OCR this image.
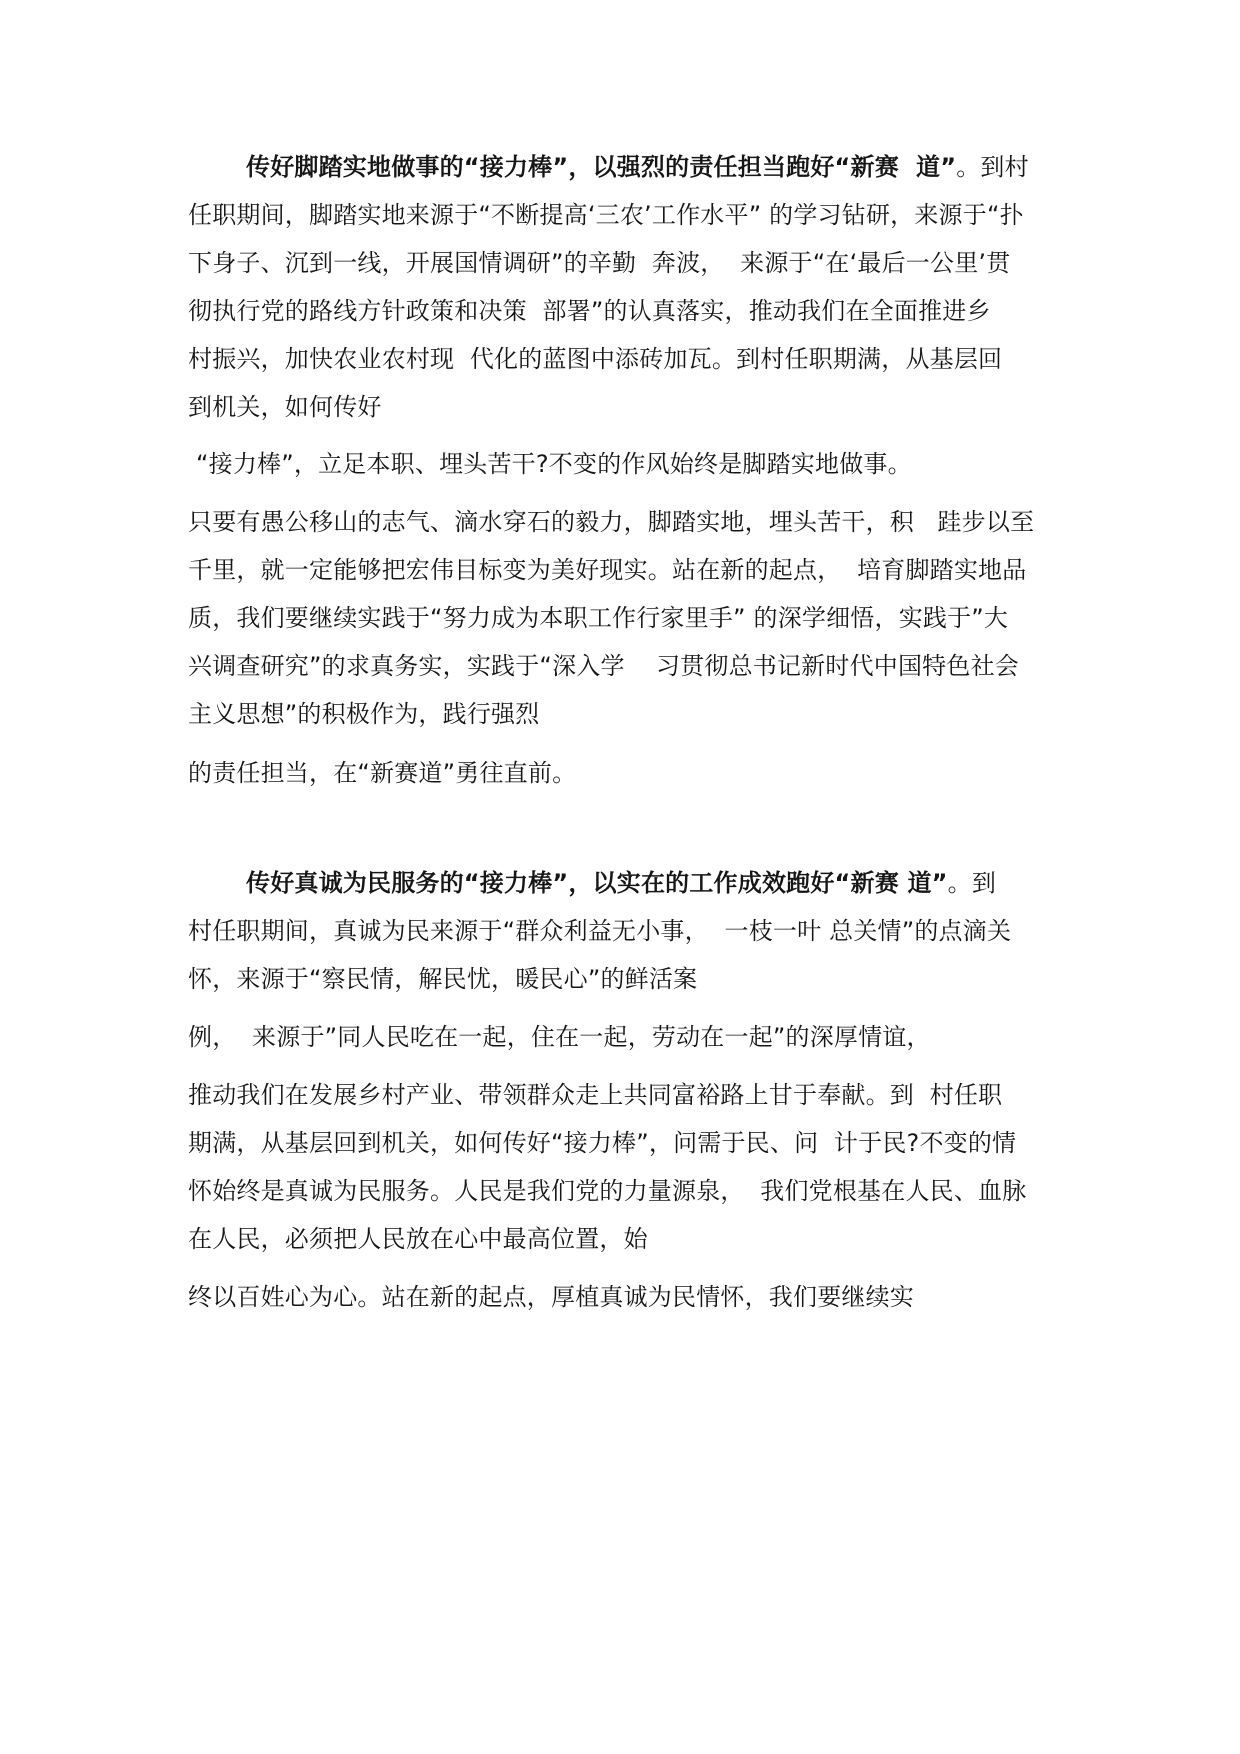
传好脚踏实地做事的“接力棒”，以强烈的责任担当跑好“新赛  道”。到村
任职期间，脚踏实地来源于“不断提高‘三农’工作水平” 的学习钻研，来源于“扑
下身子、沉到一线，开展国情调研”的辛勤  奔波，  来源于“在‘最后一公里’贯
彻执行党的路线方针政策和决策  部署”的认真落实，推动我们在全面推进乡
村振兴，加快农业农村现  代化的蓝图中添砖加瓦。到村任职期满，从基层回
到机关，如何传好
“接力棒”，立足本职、埋头苦干?不变的作风始终是脚踏实地做事。
只要有愚公移山的志气、滴水穿石的毅力，脚踏实地，埋头苦干，积   跬步以至
千里，就一定能够把宏伟目标变为美好现实。站在新的起点，  培育脚踏实地品
质，我们要继续实践于“努力成为本职工作行家里手” 的深学细悟，实践于”大
兴调查研究”的求真务实，实践于“深入学    习贯彻总书记新时代中国特色社会
主义思想”的积极作为，践行强烈
的责任担当，在“新赛道”勇往直前。
传好真诚为民服务的“接力棒”，以实在的工作成效跑好“新赛 道”。到
村任职期间，真诚为民来源于“群众利益无小事，  一枝一叶 总关情”的点滴关
怀，来源于“察民情，解民忧，暖民心”的鲜活案
例，  来源于”同人民吃在一起，住在一起，劳动在一起”的深厚情谊，
推动我们在发展乡村产业、带领群众走上共同富裕路上甘于奉献。到  村任职
期满，从基层回到机关，如何传好“接力棒”，问需于民、问  计于民?不变的情
怀始终是真诚为民服务。人民是我们党的力量源泉，  我们党根基在人民、血脉
在人民，必须把人民放在心中最高位置，始
终以百姓心为心。站在新的起点，厚植真诚为民情怀，我们要继续实
